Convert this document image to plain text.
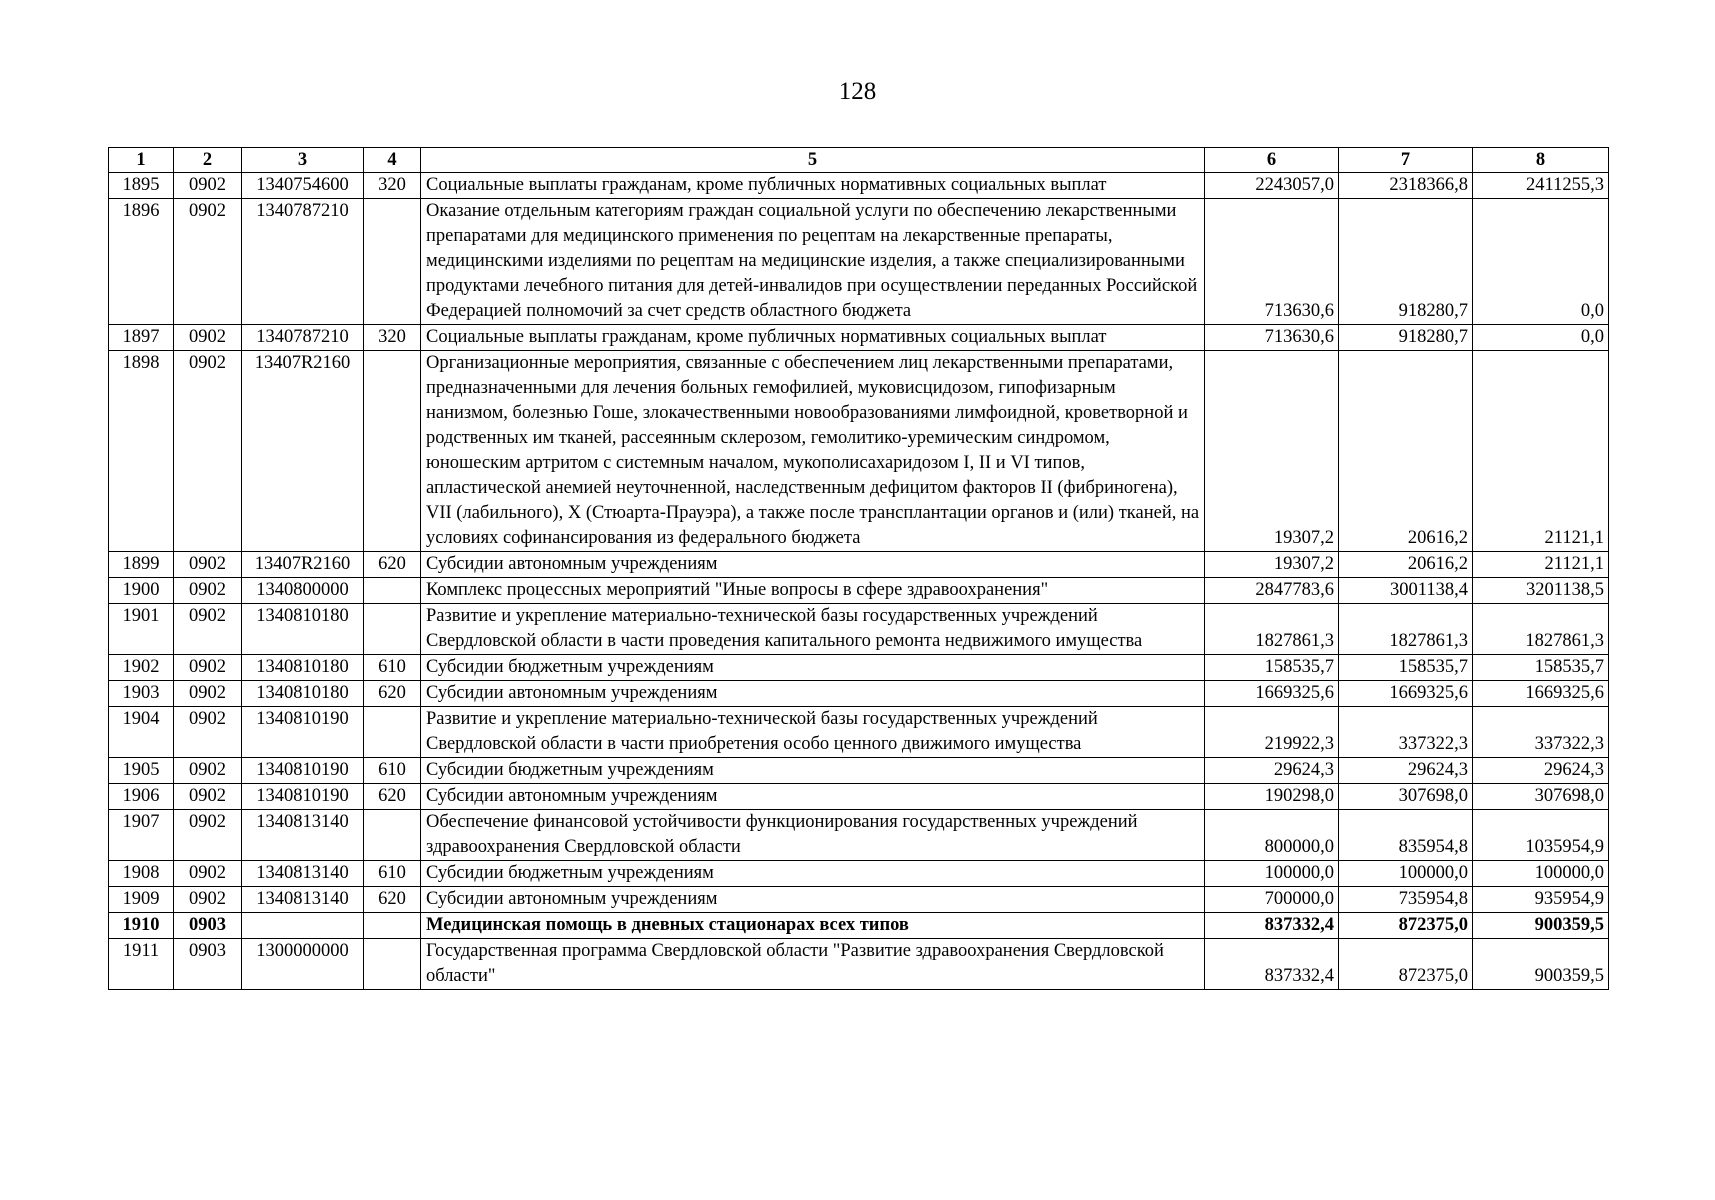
128
1	2	3	4	5	6	7	8
1895	0902	1340754600	320	Социальные выплаты гражданам, кроме публичных нормативных социальных выплат	2243057,0	2318366,8	2411255,3
1896	0902	1340787210		Оказание отдельным категориям граждан социальной услуги по обеспечению лекарственными препаратами для медицинского применения по рецептам на лекарственные препараты, медицинскими изделиями по рецептам на медицинские изделия, а также специализированными продуктами лечебного питания для детей-инвалидов при осуществлении переданных Российской Федерацией полномочий за счет средств областного бюджета	713630,6	918280,7	0,0
1897	0902	1340787210	320	Социальные выплаты гражданам, кроме публичных нормативных социальных выплат	713630,6	918280,7	0,0
1898	0902	13407R2160		Организационные мероприятия, связанные с обеспечением лиц лекарственными препаратами, предназначенными для лечения больных гемофилией, муковисцидозом, гипофизарным нанизмом, болезнью Гоше, злокачественными новообразованиями лимфоидной, кроветворной и родственных им тканей, рассеянным склерозом, гемолитико-уремическим синдромом, юношеским артритом с системным началом, мукополисахаридозом I, II и VI типов, апластической анемией неуточненной, наследственным дефицитом факторов II (фибриногена), VII (лабильного), X (Стюарта-Прауэра), а также после трансплантации органов и (или) тканей, на условиях софинансирования из федерального бюджета	19307,2	20616,2	21121,1
1899	0902	13407R2160	620	Субсидии автономным учреждениям	19307,2	20616,2	21121,1
1900	0902	1340800000		Комплекс процессных мероприятий "Иные вопросы в сфере здравоохранения"	2847783,6	3001138,4	3201138,5
1901	0902	1340810180		Развитие и укрепление материально-технической базы государственных учреждений Свердловской области в части проведения капитального ремонта недвижимого имущества	1827861,3	1827861,3	1827861,3
1902	0902	1340810180	610	Субсидии бюджетным учреждениям	158535,7	158535,7	158535,7
1903	0902	1340810180	620	Субсидии автономным учреждениям	1669325,6	1669325,6	1669325,6
1904	0902	1340810190		Развитие и укрепление материально-технической базы государственных учреждений Свердловской области в части приобретения особо ценного движимого имущества	219922,3	337322,3	337322,3
1905	0902	1340810190	610	Субсидии бюджетным учреждениям	29624,3	29624,3	29624,3
1906	0902	1340810190	620	Субсидии автономным учреждениям	190298,0	307698,0	307698,0
1907	0902	1340813140		Обеспечение финансовой устойчивости функционирования государственных учреждений здравоохранения Свердловской области	800000,0	835954,8	1035954,9
1908	0902	1340813140	610	Субсидии бюджетным учреждениям	100000,0	100000,0	100000,0
1909	0902	1340813140	620	Субсидии автономным учреждениям	700000,0	735954,8	935954,9
1910	0903			Медицинская помощь в дневных стационарах всех типов	837332,4	872375,0	900359,5
1911	0903	1300000000		Государственная программа Свердловской области "Развитие здравоохранения Свердловской области"	837332,4	872375,0	900359,5
